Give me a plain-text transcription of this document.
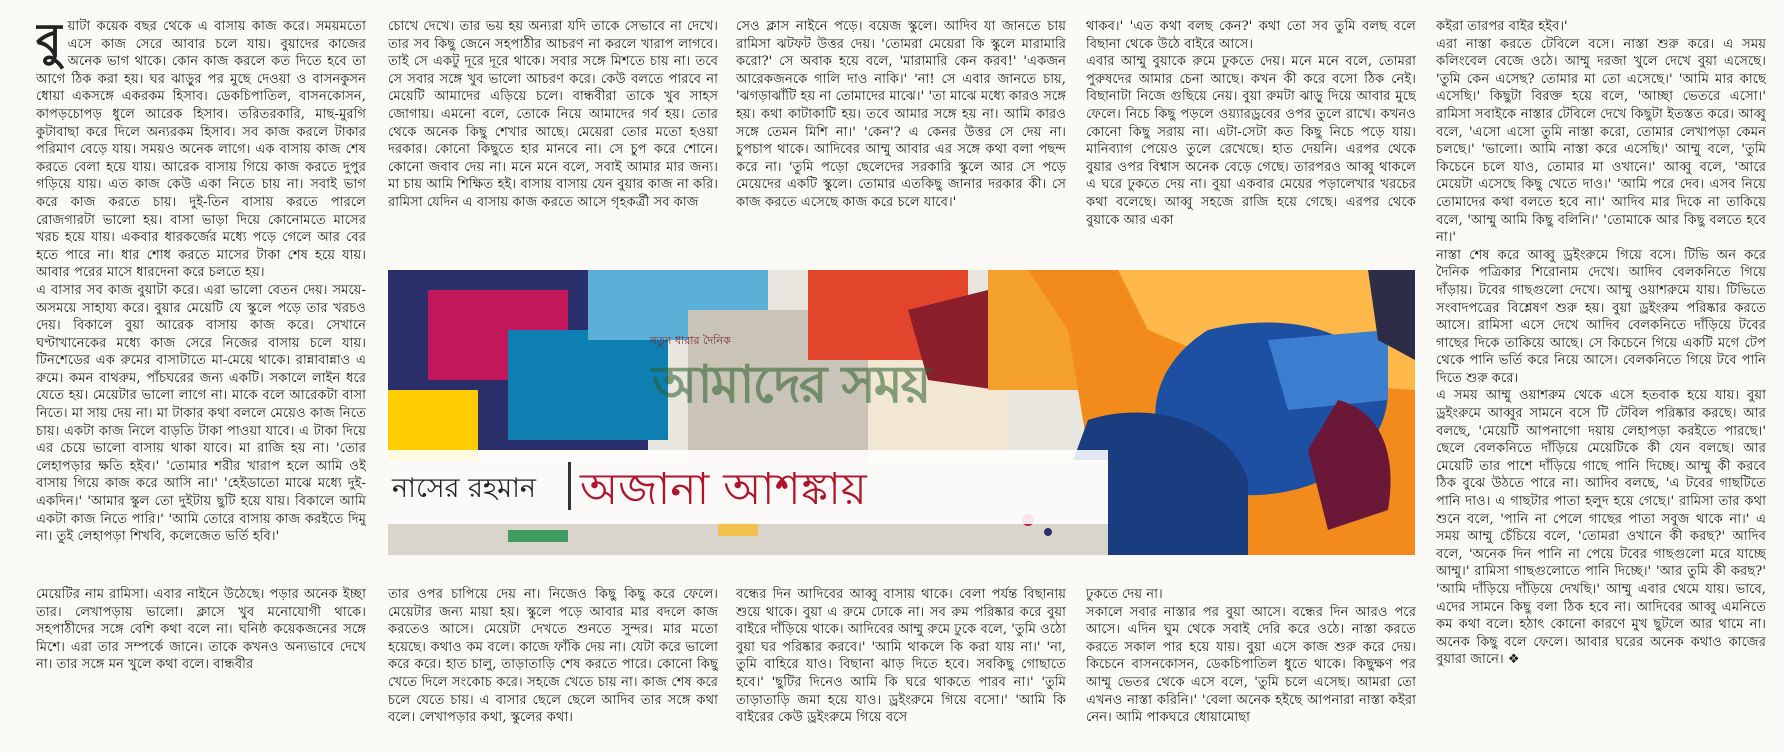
বু য়াটা কয়েক বছর থেকে এ বাসায় কাজ করে। সময়মতো এসে কাজ সেরে আবার চলে যায়। বুয়াদের কাজের অনেক ভাগ থাকে। কোন কাজ করলে কত দিতে হবে তা আগে ঠিক করা হয়। ঘর ঝাড়ুর পর মুছে দেওয়া ও বাসনকুসন ধোয়া একসঙ্গে একরকম হিসাব। ডেকচিপাতিল, বাসনকোসন, কাপড়চোপড় ধুলে আরেক হিসাব। তরিতরকারি, মাছ-মুরগি কুটাবাছা করে দিলে অন্যরকম হিসাব। সব কাজ করলে টাকার পরিমাণ বেড়ে যায়। সময়ও অনেক লাগে। এক বাসায় কাজ শেষ করতে বেলা হয়ে যায়। আরেক বাসায় গিয়ে কাজ করতে দুপুর গড়িয়ে যায়। এত কাজ কেউ একা নিতে চায় না। সবাই ভাগ করে কাজ করতে চায়। দুই-তিন বাসায় করতে পারলে রোজগারটা ভালো হয়। বাসা ভাড়া দিয়ে কোনোমতে মাসের খরচ হয়ে যায়। একবার ধারকর্জের মধ্যে পড়ে গেলে আর বের হতে পারে না। ধার শোধ করতে মাসের টাকা শেষ হয়ে যায়। আবার পরের মাসে ধারদেনা করে চলতে হয়।
এ বাসার সব কাজ বুয়াটা করে। এরা ভালো বেতন দেয়। সময়ে-অসময়ে সাহায্য করে। বুয়ার মেয়েটি যে স্কুলে পড়ে তার খরচও দেয়। বিকালে বুয়া আরেক বাসায় কাজ করে। সেখানে ঘণ্টাখানেকের মধ্যে কাজ সেরে নিজের বাসায় চলে যায়। টিনশেডের এক রুমের বাসাটাতে মা-মেয়ে থাকে। রান্নাবান্নাও এ রুমে। কমন বাথরুম, পাঁচঘরের জন্য একটি। সকালে লাইন ধরে যেতে হয়। মেয়েটার ভালো লাগে না। মাকে বলে আরেকটা বাসা নিতে। মা সায় দেয় না। মা টাকার কথা বললে মেয়েও কাজ নিতে চায়। একটা কাজ নিলে বাড়তি টাকা পাওয়া যাবে। এ টাকা দিয়ে এর চেয়ে ভালো বাসায় থাকা যাবে। মা রাজি হয় না। 'তোর লেহাপড়ার ক্ষতি হইব।' 'তোমার শরীর খারাপ হলে আমি ওই বাসায় গিয়ে কাজ করে আসি না।' 'হেইডাতো মাঝে মধ্যে দুই-একদিন।' 'আমার স্কুল তো দুইটায় ছুটি হয়ে যায়। বিকালে আমি একটা কাজ নিতে পারি।' 'আমি তোরে বাসায় কাজ করইতে দিমু না। তুই লেহাপড়া শিখবি, কলেজেত ভর্তি হবি।'

মেয়েটির নাম রামিসা। এবার নাইনে উঠেছে। পড়ার অনেক ইচ্ছা তার। লেখাপড়ায় ভালো। ক্লাসে খুব মনোযোগী থাকে। সহপাঠীদের সঙ্গে বেশি কথা বলে না। ঘনিষ্ঠ কয়েকজনের সঙ্গে মিশে। এরা তার সম্পর্কে জানে। তাকে কখনও অন্যভাবে দেখে না। তার সঙ্গে মন খুলে কথা বলে। বান্ধবীর

চোখে দেখে। তার ভয় হয় অন্যরা যদি তাকে সেভাবে না দেখে। তার সব কিছু জেনে সহপাঠীর আচরণ না করলে খারাপ লাগবে। তাই সে একটু দূরে দূরে থাকে। সবার সঙ্গে মিশতে চায় না। তবে সে সবার সঙ্গে খুব ভালো আচরণ করে। কেউ বলতে পারবে না মেয়েটি আমাদের এড়িয়ে চলে। বান্ধবীরা তাকে খুব সাহস জোগায়। এমনো বলে, তোকে নিয়ে আমাদের গর্ব হয়। তোর থেকে অনেক কিছু শেখার আছে। মেয়েরা তোর মতো হওয়া দরকার। কোনো কিছুতে হার মানবে না। সে চুপ করে শোনে। কোনো জবাব দেয় না। মনে মনে বলে, সবাই আমার মার জন্য। মা চায় আমি শিক্ষিত হই। বাসায় বাসায় যেন বুয়ার কাজ না করি। রামিসা যেদিন এ বাসায় কাজ করতে আসে গৃহকর্ত্রী সব কাজ

সেও ক্লাস নাইনে পড়ে। বয়েজ স্কুলে। আদিব যা জানতে চায় রামিসা ঝটফট উত্তর দেয়। 'তোমরা মেয়েরা কি স্কুলে মারামারি করো?' সে অবাক হয়ে বলে, 'মারামারি কেন করব!' 'একজন আরেকজনকে গালি দাও নাকি।' 'না! সে এবার জানতে চায়, 'ঝগড়াঝাঁটি হয় না তোমাদের মাঝে।' 'তা মাঝে মধ্যে কারও সঙ্গে হয়। কথা কাটাকাটি হয়। তবে আমার সঙ্গে হয় না। আমি কারও সঙ্গে তেমন মিশি না।' 'কেন'? এ কেনর উত্তর সে দেয় না। চুপচাপ থাকে। আদিবের আম্মু আবার এর সঙ্গে কথা বলা পছন্দ করে না। 'তুমি পড়ো ছেলেদের সরকারি স্কুলে আর সে পড়ে মেয়েদের একটি স্কুলে। তোমার এতকিছু জানার দরকার কী। সে কাজ করতে এসেছে কাজ করে চলে যাবে।'

থাকব।' 'এত কথা বলছ কেন?' কথা তো সব তুমি বলছ বলে বিছানা থেকে উঠে বাইরে আসে।
এবার আম্মু বুয়াকে রুমে ঢুকতে দেয়। মনে মনে বলে, তোমরা পুরুষদের আমার চেনা আছে। কখন কী করে বসো ঠিক নেই। বিছানাটা নিজে গুছিয়ে নেয়। বুয়া রুমটা ঝাড়ু দিয়ে আবার মুছে ফেলে। নিচে কিছু পড়লে ওয়্যারড্রবের ওপর তুলে রাখে। কখনও কোনো কিছু সরায় না। এটা-সেটা কত কিছু নিচে পড়ে যায়। মানিব্যাগ পেয়েও তুলে রেখেছে। হাত দেয়নি। এরপর থেকে বুয়ার ওপর বিশ্বাস অনেক বেড়ে গেছে। তারপরও আব্বু থাকলে এ ঘরে ঢুকতে দেয় না। বুয়া একবার মেয়ের পড়ালেখার খরচের কথা বলেছে। আব্বু সহজে রাজি হয়ে গেছে। এরপর থেকে বুয়াকে আর একা

কইরা তারপর বাইর হইব।'
এরা নাস্তা করতে টেবিলে বসে। নাস্তা শুরু করে। এ সময় কলিংবেল বেজে ওঠে। আম্মু দরজা খুলে দেখে বুয়া এসেছে। 'তুমি কেন এসেছ? তোমার মা তো এসেছে।' 'আমি মার কাছে এসেছি।' কিছুটা বিরক্ত হয়ে বলে, 'আচ্ছা ভেতরে এসো।' রামিসা সবাইকে নাস্তার টেবিলে দেখে কিছুটা ইতস্তত করে। আব্বু বলে, 'এসো এসো তুমি নাস্তা করো, তোমার লেখাপড়া কেমন চলছে।' 'ভালো। আমি নাস্তা করে এসেছি।' আম্মু বলে, 'তুমি কিচেনে চলে যাও, তোমার মা ওখানে।' আব্বু বলে, 'আরে মেয়েটা এসেছে কিছু খেতে দাও।' 'আমি পরে দেব। এসব নিয়ে তোমাদের কথা বলতে হবে না।' আদিব মার দিকে না তাকিয়ে বলে, 'আম্মু আমি কিছু বলিনি।' 'তোমাকে আর কিছু বলতে হবে না।'
নাস্তা শেষ করে আব্বু ড্রইংরুমে গিয়ে বসে। টিভি অন করে দৈনিক পত্রিকার শিরোনাম দেখে। আদিব বেলকনিতে গিয়ে দাঁড়ায়। টবের গাছগুলো দেখে। আম্মু ওয়াশরুমে যায়। টিভিতে সংবাদপত্রের বিশ্লেষণ শুরু হয়। বুয়া ড্রইংরুম পরিষ্কার করতে আসে। রামিসা এসে দেখে আদিব বেলকনিতে দাঁড়িয়ে টবের গাছের দিকে তাকিয়ে আছে। সে কিচেনে গিয়ে একটি মগে টেপ থেকে পানি ভর্তি করে নিয়ে আসে। বেলকনিতে গিয়ে টবে পানি দিতে শুরু করে।
এ সময় আম্মু ওয়াশরুম থেকে এসে হতবাক হয়ে যায়। বুয়া ড্রইংরুমে আব্বুর সামনে বসে টি টেবিল পরিষ্কার করছে। আর বলছে, 'মেয়েটি আপনাগো দয়ায় লেহাপড়া করইতে পারছে।' ছেলে বেলকনিতে দাঁড়িয়ে মেয়েটিকে কী যেন বলছে। আর মেয়েটি তার পাশে দাঁড়িয়ে গাছে পানি দিচ্ছে। আম্মু কী করবে ঠিক বুঝে উঠতে পারে না। আদিব বলছে, 'এ টবের গাছটিতে পানি দাও। এ গাছটার পাতা হলুদ হয়ে গেছে।' রামিসা তার কথা শুনে বলে, 'পানি না পেলে গাছের পাতা সবুজ থাকে না।' এ সময় আম্মু চেঁচিয়ে বলে, 'তোমরা ওখানে কী করছ?' আদিব বলে, 'অনেক দিন পানি না পেয়ে টবের গাছগুলো মরে যাচ্ছে আম্মু।' রামিসা গাছগুলোতে পানি দিচ্ছে।' 'আর তুমি কী করছ?' 'আমি দাঁড়িয়ে দাঁড়িয়ে দেখছি।' আম্মু এবার থেমে যায়। ভাবে, এদের সামনে কিছু বলা ঠিক হবে না। আদিবের আব্বু এমনিতে কম কথা বলে। হঠাৎ কোনো কারণে মুখ ছুটলে আর থামে না। অনেক কিছু বলে ফেলে। আবার ঘরের অনেক কথাও কাজের বুয়ারা জানে। ❖

তার ওপর চাপিয়ে দেয় না। নিজেও কিছু কিছু করে ফেলে। মেয়েটার জন্য মায়া হয়। স্কুলে পড়ে আবার মার বদলে কাজ করতেও আসে। মেয়েটা দেখতে শুনতে সুন্দর। মার মতো হয়েছে। কথাও কম বলে। কাজে ফাঁকি দেয় না। যেটা করে ভালো করে করে। হাত চালু, তাড়াতাড়ি শেষ করতে পারে। কোনো কিছু খেতে দিলে সংকোচ করে। সহজে খেতে চায় না। কাজ শেষ করে চলে যেতে চায়। এ বাসার ছেলে ছেলে আদিব তার সঙ্গে কথা বলে। লেখাপড়ার কথা, স্কুলের কথা।

বন্ধের দিন আদিবের আব্বু বাসায় থাকে। বেলা পর্যন্ত বিছানায় শুয়ে থাকে। বুয়া এ রুমে ঢোকে না। সব রুম পরিষ্কার করে বুয়া বাইরে দাঁড়িয়ে থাকে। আদিবের আম্মু রুমে ঢুকে বলে, 'তুমি ওঠো বুয়া ঘর পরিষ্কার করবে।' 'আমি থাকলে কি করা যায় না।' 'না, তুমি বাহিরে যাও। বিছানা ঝাড় দিতে হবে। সবকিছু গোছাতে হবে।' 'ছুটির দিনেও আমি কি ঘরে থাকতে পারব না।' 'তুমি তাড়াতাড়ি জমা হয়ে যাও। ড্রইংরুমে গিয়ে বসো।' 'আমি কি বাইরের কেউ ড্রইংরুমে গিয়ে বসে

ঢুকতে দেয় না।
সকালে সবার নাস্তার পর বুয়া আসে। বন্ধের দিন আরও পরে আসে। এদিন ঘুম থেকে সবাই দেরি করে ওঠে। নাস্তা করতে করতে সকাল পার হয়ে যায়। বুয়া এসে কাজ শুরু করে দেয়। কিচেনে বাসনকোসন, ডেকচিপাতিল ধুতে থাকে। কিছুক্ষণ পর আম্মু ভেতর থেকে এসে বলে, 'তুমি চলে এসেছ। আমরা তো এখনও নাস্তা করিনি।' 'বেলা অনেক হইছে আপনারা নাস্তা কইরা নেন। আমি পাকঘরে ধোয়ামোছা

নতুন ধারার দৈনিক
আমাদের সময়
নাসের রহমান অজানা আশঙ্কায়
